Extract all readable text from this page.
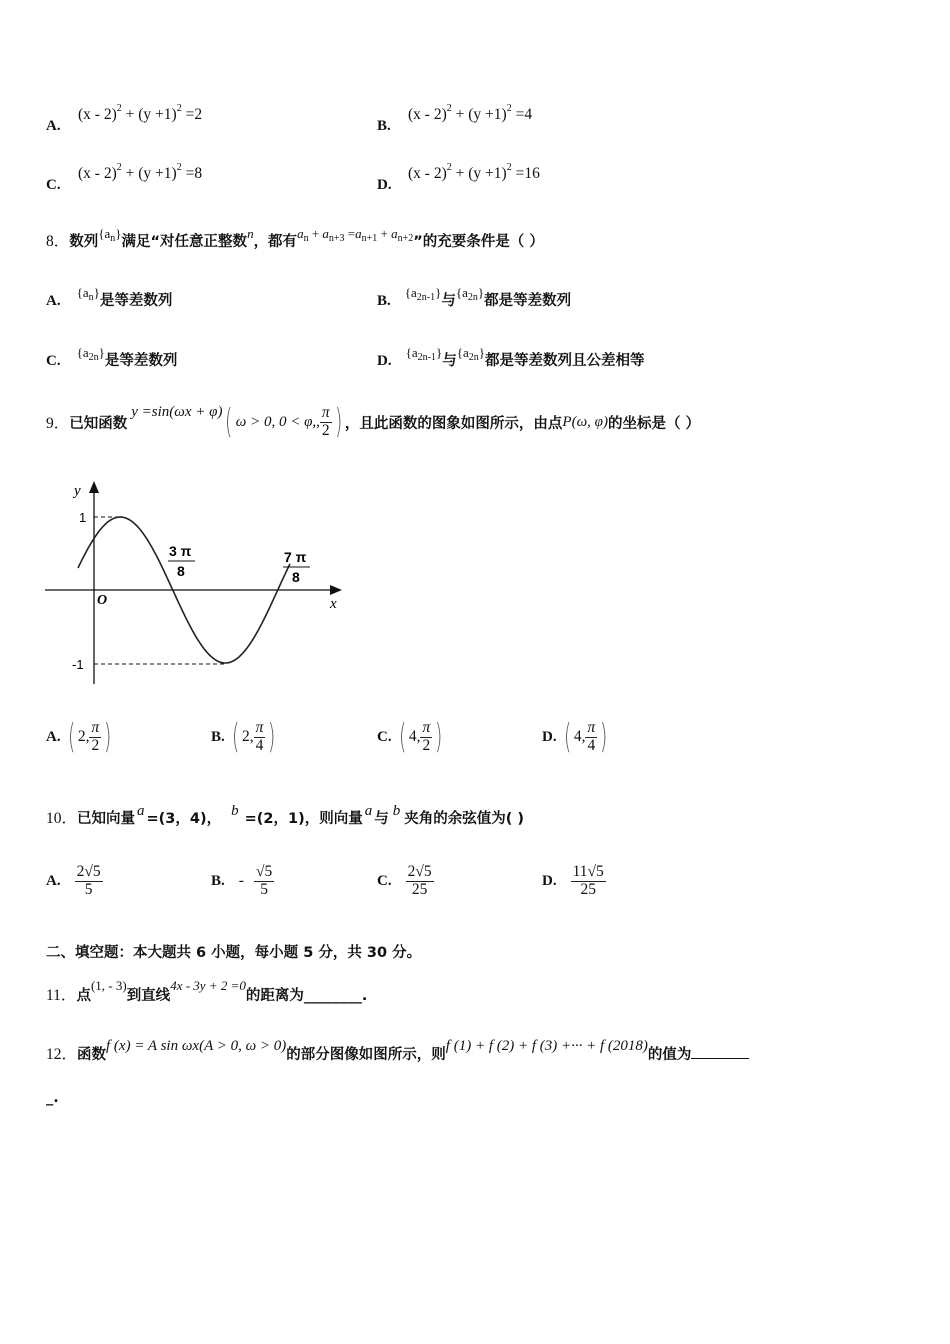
A.
$(x - 2)^2 + (y +1)^2 =2$
B.
$(x - 2)^2 + (y +1)^2 =4$
C.
$(x - 2)^2 + (y +1)^2 =8$
D.
$(x - 2)^2 + (y +1)^2 =16$
8．数列$\{a_n\}$满足“对任意正整数n，都有$a_n + a_{n+3} =a_{n+1} + a_{n+2}$”的充要条件是（ ）
$A.\{a_n\}$是等差数列	$B.\{a_{2n-1}\}$与$\{a_{2n}\}$都是等差数列
$C.\{a_{2n}\}$是等差数列	$D.\{a_{2n-1}\}$与$\{a_{2n}\}$都是等差数列且公差相等
9． 已知函数
y =sin(ωx + φ) ( ω > 0, 0 < φ,, $\frac{\pi}{2}$ ) ，且此函数的图象如图所示，由点 P(ω, φ) 的坐标是（ ）
y
x
O
1
-1
3 π
8
7 π
8
A. ( 2, $\frac{\pi}{2}$ )	B. ( 2, $\frac{\pi}{4}$ )	C. ( 4, $\frac{\pi}{2}$ )	D. ( 4, $\frac{\pi}{4}$ )
10．已知向量 a =(3，4)， b =(2，1)，则向量 a 与 b 夹角的余弦值为( )
A. $\frac{2√5}{5}$	B. - $\frac{√5}{5}$	C. $\frac{2√5}{25}$	D. $\frac{11√5}{25}$
二、填空题：本大题共 6 小题，每小题 5 分，共 30 分。
11．点(1, - 3)到直线4x - 3y + 2 =0的距离为________.
12．函数f (x) = A sin ωx(A > 0, ω > 0)的部分图像如图所示，则f (1) + f (2) + f (3) +··· + f (2018)的值为
_.
